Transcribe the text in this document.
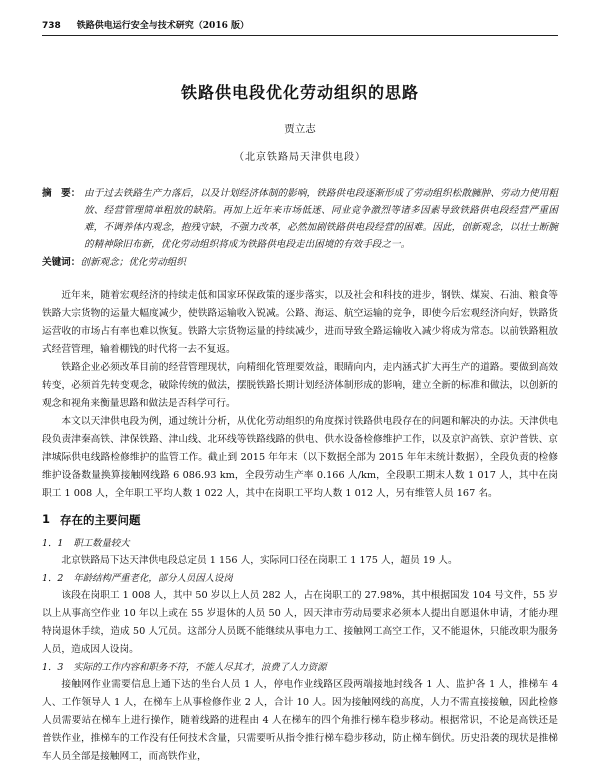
738 铁路供电运行安全与技术研究（2016 版）
铁路供电段优化劳动组织的思路
贾立志
（北京铁路局天津供电段）
摘　要： 由于过去铁路生产力落后，以及计划经济体制的影响，铁路供电段逐渐形成了劳动组织松散臃肿、劳动力使用粗放、经营管理简单粗放的缺陷。再加上近年来市场低迷、同业竞争激烈等诸多因素导致铁路供电段经营严重困难，不调养体内观念，抱残守缺，不强力改革，必然加剧铁路供电段经营的困难。因此，创新观念，以壮士断腕的精神除旧布新，优化劳动组织将成为铁路供电段走出困境的有效手段之一。
关键词：创新观念；优化劳动组织

近年来，随着宏观经济的持续走低和国家环保政策的逐步落实，以及社会和科技的进步，钢铁、煤炭、石油、粮食等铁路大宗货物的运量大幅度减少，使铁路运输收入锐减。公路、海运、航空运输的竞争，即使今后宏观经济向好，铁路货运营收的市场占有率也难以恢复。铁路大宗货物运量的持续减少，进而导致全路运输收入减少将成为常态。以前铁路粗放式经营管理，输着棚钱的时代将一去不复返。

铁路企业必须改革目前的经营管理现状，向精细化管理要效益，眼睛向内，走内涵式扩大再生产的道路。要做到高效转变，必须首先转变观念，破除传统的做法，摆脱铁路长期计划经济体制形成的影响，建立全新的标准和做法，以创新的观念和视角来衡量思路和做法是否科学可行。

本文以天津供电段为例，通过统计分析，从优化劳动组织的角度探讨铁路供电段存在的问题和解决的办法。天津供电段负责津秦高铁、津保铁路、津山线、北环线等铁路线路的供电、供水设备检修维护工作，以及京沪高铁、京沪普铁、京津城际供电线路检修维护的监管工作。截止到 2015 年年末（以下数据全部为 2015 年年末统计数据），全段负责的检修维护设备数量换算接触网线路 6 086.93 km，全段劳动生产率 0.166 人/km，全段职工期末人数 1 017 人，其中在岗职工 1 008 人，全年职工平均人数 1 022 人，其中在岗职工平均人数 1 012 人，另有维管人员 167 名。

1 存在的主要问题
1．1 职工数量较大

北京铁路局下达天津供电段总定员 1 156 人，实际同口径在岗职工 1 175 人，超员 19 人。

1．2 年龄结构严重老化，部分人员因人设岗

该段在岗职工 1 008 人，其中 50 岁以上人员 282 人，占在岗职工的 27.98%，其中根据国发 104 号文件，55 岁以上从事高空作业 10 年以上或在 55 岁退休的人员 50 人，因天津市劳动局要求必须本人提出自愿退休申请，才能办理特岗退休手续，造成 50 人冗员。这部分人员既不能继续从事电力工、接触网工高空工作，又不能退休，只能改职为服务人员，造成因人设岗。

1．3 实际的工作内容和职务不符，不能人尽其才，浪费了人力资源

接触网作业需要信息上通下达的坐台人员 1 人，停电作业线路区段两端接地封线各 1 人、监护各 1 人，推梯车 4 人、工作领导人 1 人，在梯车上从事检修作业 2 人，合计 10 人。因为接触网线的高度，人力不需直接接触，因此检修人员需要站在梯车上进行操作，随着线路的进程由 4 人在梯车的四个角推行梯车稳步移动。根据常识，不论是高铁还是普铁作业，推梯车的工作没有任何技术含量，只需要听从指令推行梯车稳步移动，防止梯车倒伏。历史沿袭的现状是推梯车人员全部是接触网工，而高铁作业，
